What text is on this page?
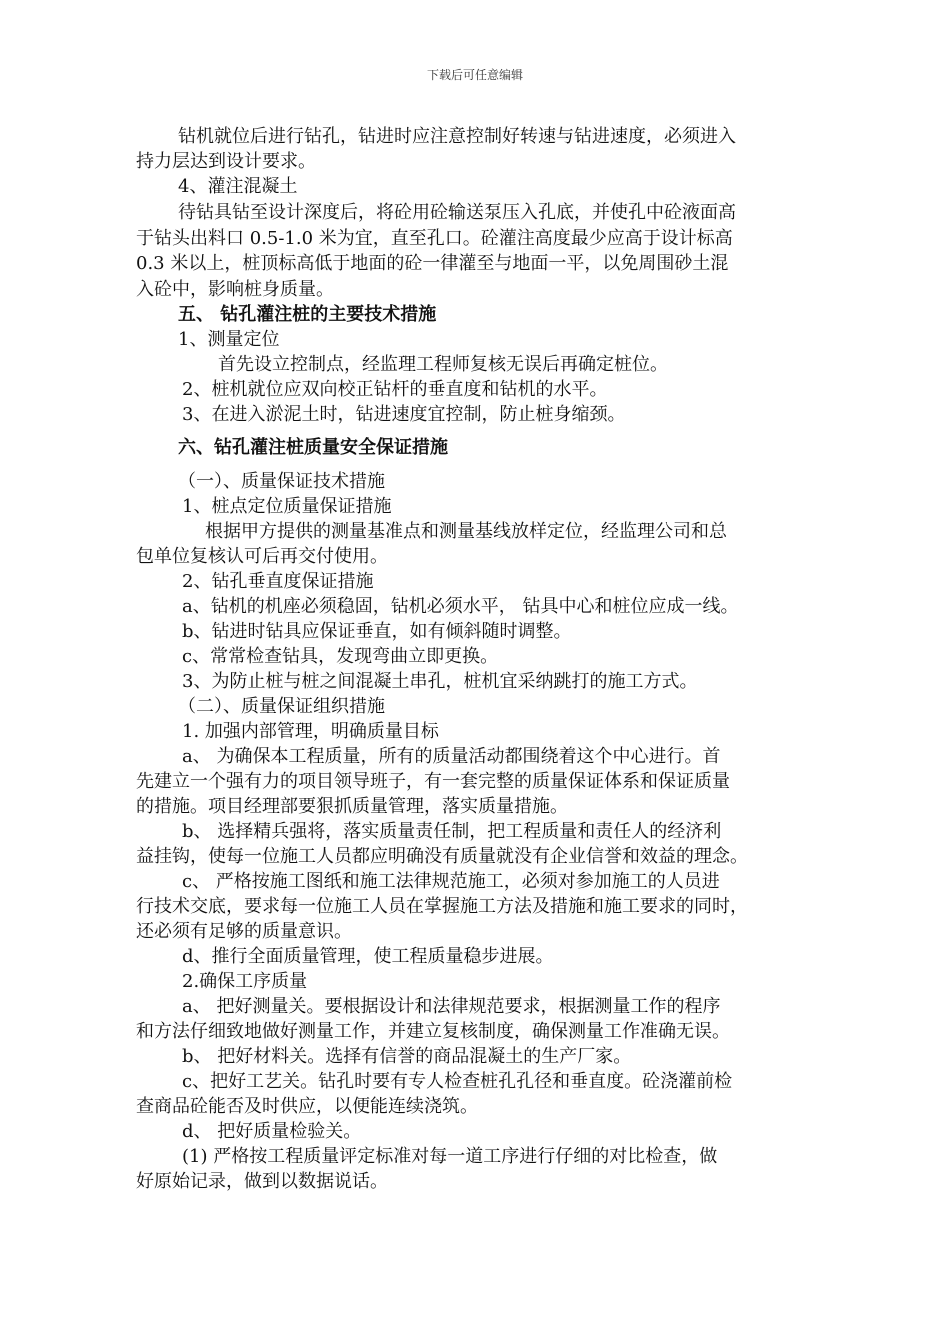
下载后可任意编辑
钻机就位后进行钻孔，钻进时应注意控制好转速与钻进速度，必须进入
持力层达到设计要求。
4、灌注混凝土
待钻具钻至设计深度后，将砼用砼输送泵压入孔底，并使孔中砼液面高
于钻头出料口 0.5-1.0 米为宜，直至孔口。砼灌注高度最少应高于设计标高
0.3 米以上，桩顶标高低于地面的砼一律灌至与地面一平，以免周围砂土混
入砼中，影响桩身质量。
五、 钻孔灌注桩的主要技术措施
1、测量定位
首先设立控制点，经监理工程师复核无误后再确定桩位。
2、桩机就位应双向校正钻杆的垂直度和钻机的水平。
3、在进入淤泥土时，钻进速度宜控制，防止桩身缩颈。
六、钻孔灌注桩质量安全保证措施
（一）、质量保证技术措施
1、桩点定位质量保证措施
根据甲方提供的测量基准点和测量基线放样定位，经监理公司和总
包单位复核认可后再交付使用。
2、钻孔垂直度保证措施
a、钻机的机座必须稳固，钻机必须水平， 钻具中心和桩位应成一线。
b、钻进时钻具应保证垂直，如有倾斜随时调整。
c、常常检查钻具，发现弯曲立即更换。
3、为防止桩与桩之间混凝土串孔，桩机宜采纳跳打的施工方式。
（二）、质量保证组织措施
1. 加强内部管理，明确质量目标
a、 为确保本工程质量，所有的质量活动都围绕着这个中心进行。首
先建立一个强有力的项目领导班子，有一套完整的质量保证体系和保证质量
的措施。项目经理部要狠抓质量管理，落实质量措施。
b、 选择精兵强将，落实质量责任制，把工程质量和责任人的经济利
益挂钩，使每一位施工人员都应明确没有质量就没有企业信誉和效益的理念。
c、 严格按施工图纸和施工法律规范施工，必须对参加施工的人员进
行技术交底，要求每一位施工人员在掌握施工方法及措施和施工要求的同时，
还必须有足够的质量意识。
d、推行全面质量管理，使工程质量稳步进展。
2.确保工序质量
a、 把好测量关。要根据设计和法律规范要求，根据测量工作的程序
和方法仔细致地做好测量工作，并建立复核制度，确保测量工作准确无误。
b、 把好材料关。选择有信誉的商品混凝土的生产厂家。
c、把好工艺关。钻孔时要有专人检查桩孔孔径和垂直度。砼浇灌前检
查商品砼能否及时供应，以便能连续浇筑。
d、 把好质量检验关。
(1) 严格按工程质量评定标准对每一道工序进行仔细的对比检查，做
好原始记录，做到以数据说话。
